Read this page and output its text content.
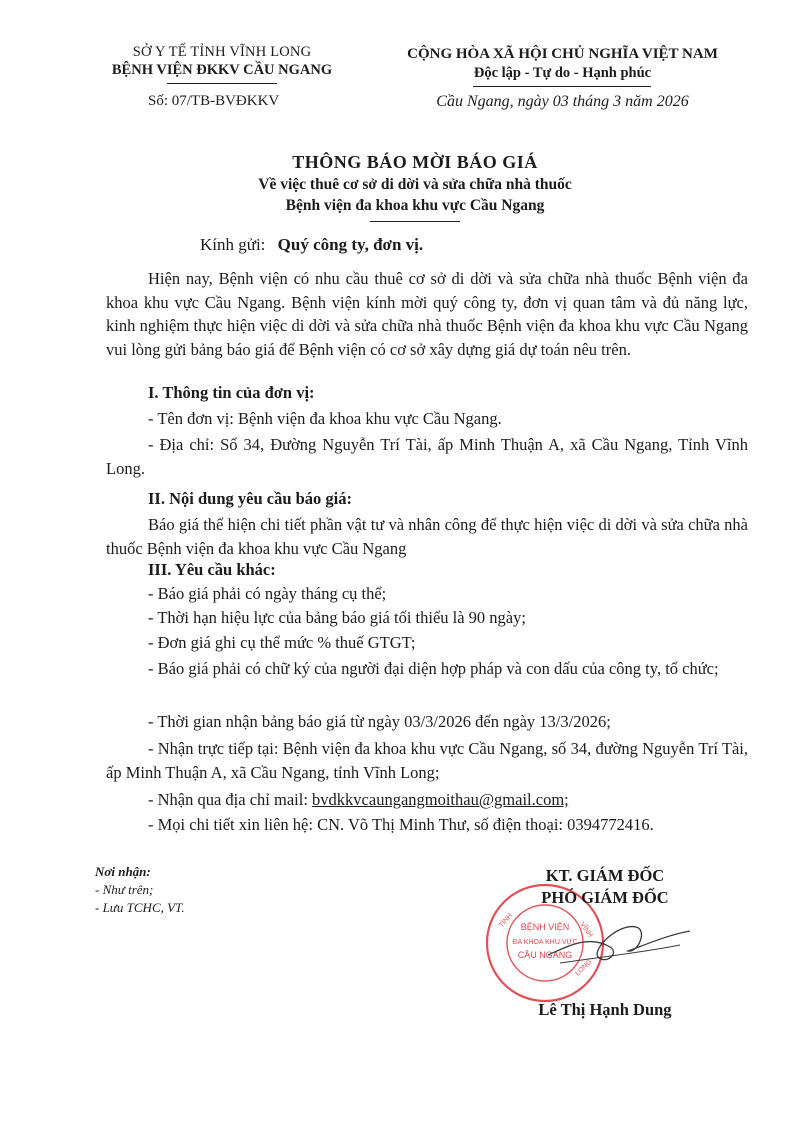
SỞ Y TẾ TỈNH VĨNH LONG
BỆNH VIỆN ĐKKV CẦU NGANG
Số: 07/TB-BVĐKKV
CỘNG HÒA XÃ HỘI CHỦ NGHĨA VIỆT NAM
Độc lập - Tự do - Hạnh phúc
Cầu Ngang, ngày 03 tháng 3 năm 2026
THÔNG BÁO MỜI BÁO GIÁ
Về việc thuê cơ sở di dời và sửa chữa nhà thuốc
Bệnh viện đa khoa khu vực Cầu Ngang
Kính gửi: Quý công ty, đơn vị.
Hiện nay, Bệnh viện có nhu cầu thuê cơ sở di dời và sửa chữa nhà thuốc Bệnh viện đa khoa khu vực Cầu Ngang. Bệnh viện kính mời quý công ty, đơn vị quan tâm và đủ năng lực, kinh nghiệm thực hiện việc di dời và sửa chữa nhà thuốc Bệnh viện đa khoa khu vực Cầu Ngang vui lòng gửi bảng báo giá để Bệnh viện có cơ sở xây dựng giá dự toán nêu trên.
I. Thông tin của đơn vị:
- Tên đơn vị: Bệnh viện đa khoa khu vực Cầu Ngang.
- Địa chỉ: Số 34, Đường Nguyễn Trí Tài, ấp Minh Thuận A, xã Cầu Ngang, Tỉnh Vĩnh Long.
II. Nội dung yêu cầu báo giá:
Báo giá thể hiện chi tiết phần vật tư và nhân công để thực hiện việc di dời và sửa chữa nhà thuốc Bệnh viện đa khoa khu vực Cầu Ngang
III. Yêu cầu khác:
- Báo giá phải có ngày tháng cụ thể;
- Thời hạn hiệu lực của bảng báo giá tối thiểu là 90 ngày;
- Đơn giá ghi cụ thể mức % thuế GTGT;
- Báo giá phải có chữ ký của người đại diện hợp pháp và con dấu của công ty, tổ chức;
- Thời gian nhận bảng báo giá từ ngày 03/3/2026 đến ngày 13/3/2026;
- Nhận trực tiếp tại: Bệnh viện đa khoa khu vực Cầu Ngang, số 34, đường Nguyễn Trí Tài, ấp Minh Thuận A, xã Cầu Ngang, tỉnh Vĩnh Long;
- Nhận qua địa chỉ mail: bvdkkvcaungangmoithau@gmail.com;
- Mọi chi tiết xin liên hệ: CN. Võ Thị Minh Thư, số điện thoại: 0394772416.
Nơi nhận:
- Như trên;
- Lưu TCHC, VT.
TỈNH
VĨNH
LONG
BỆNH VIỆN
ĐA KHOA KHU VỰC
CẦU NGANG
KT. GIÁM ĐỐC
PHÓ GIÁM ĐỐC
Lê Thị Hạnh Dung
